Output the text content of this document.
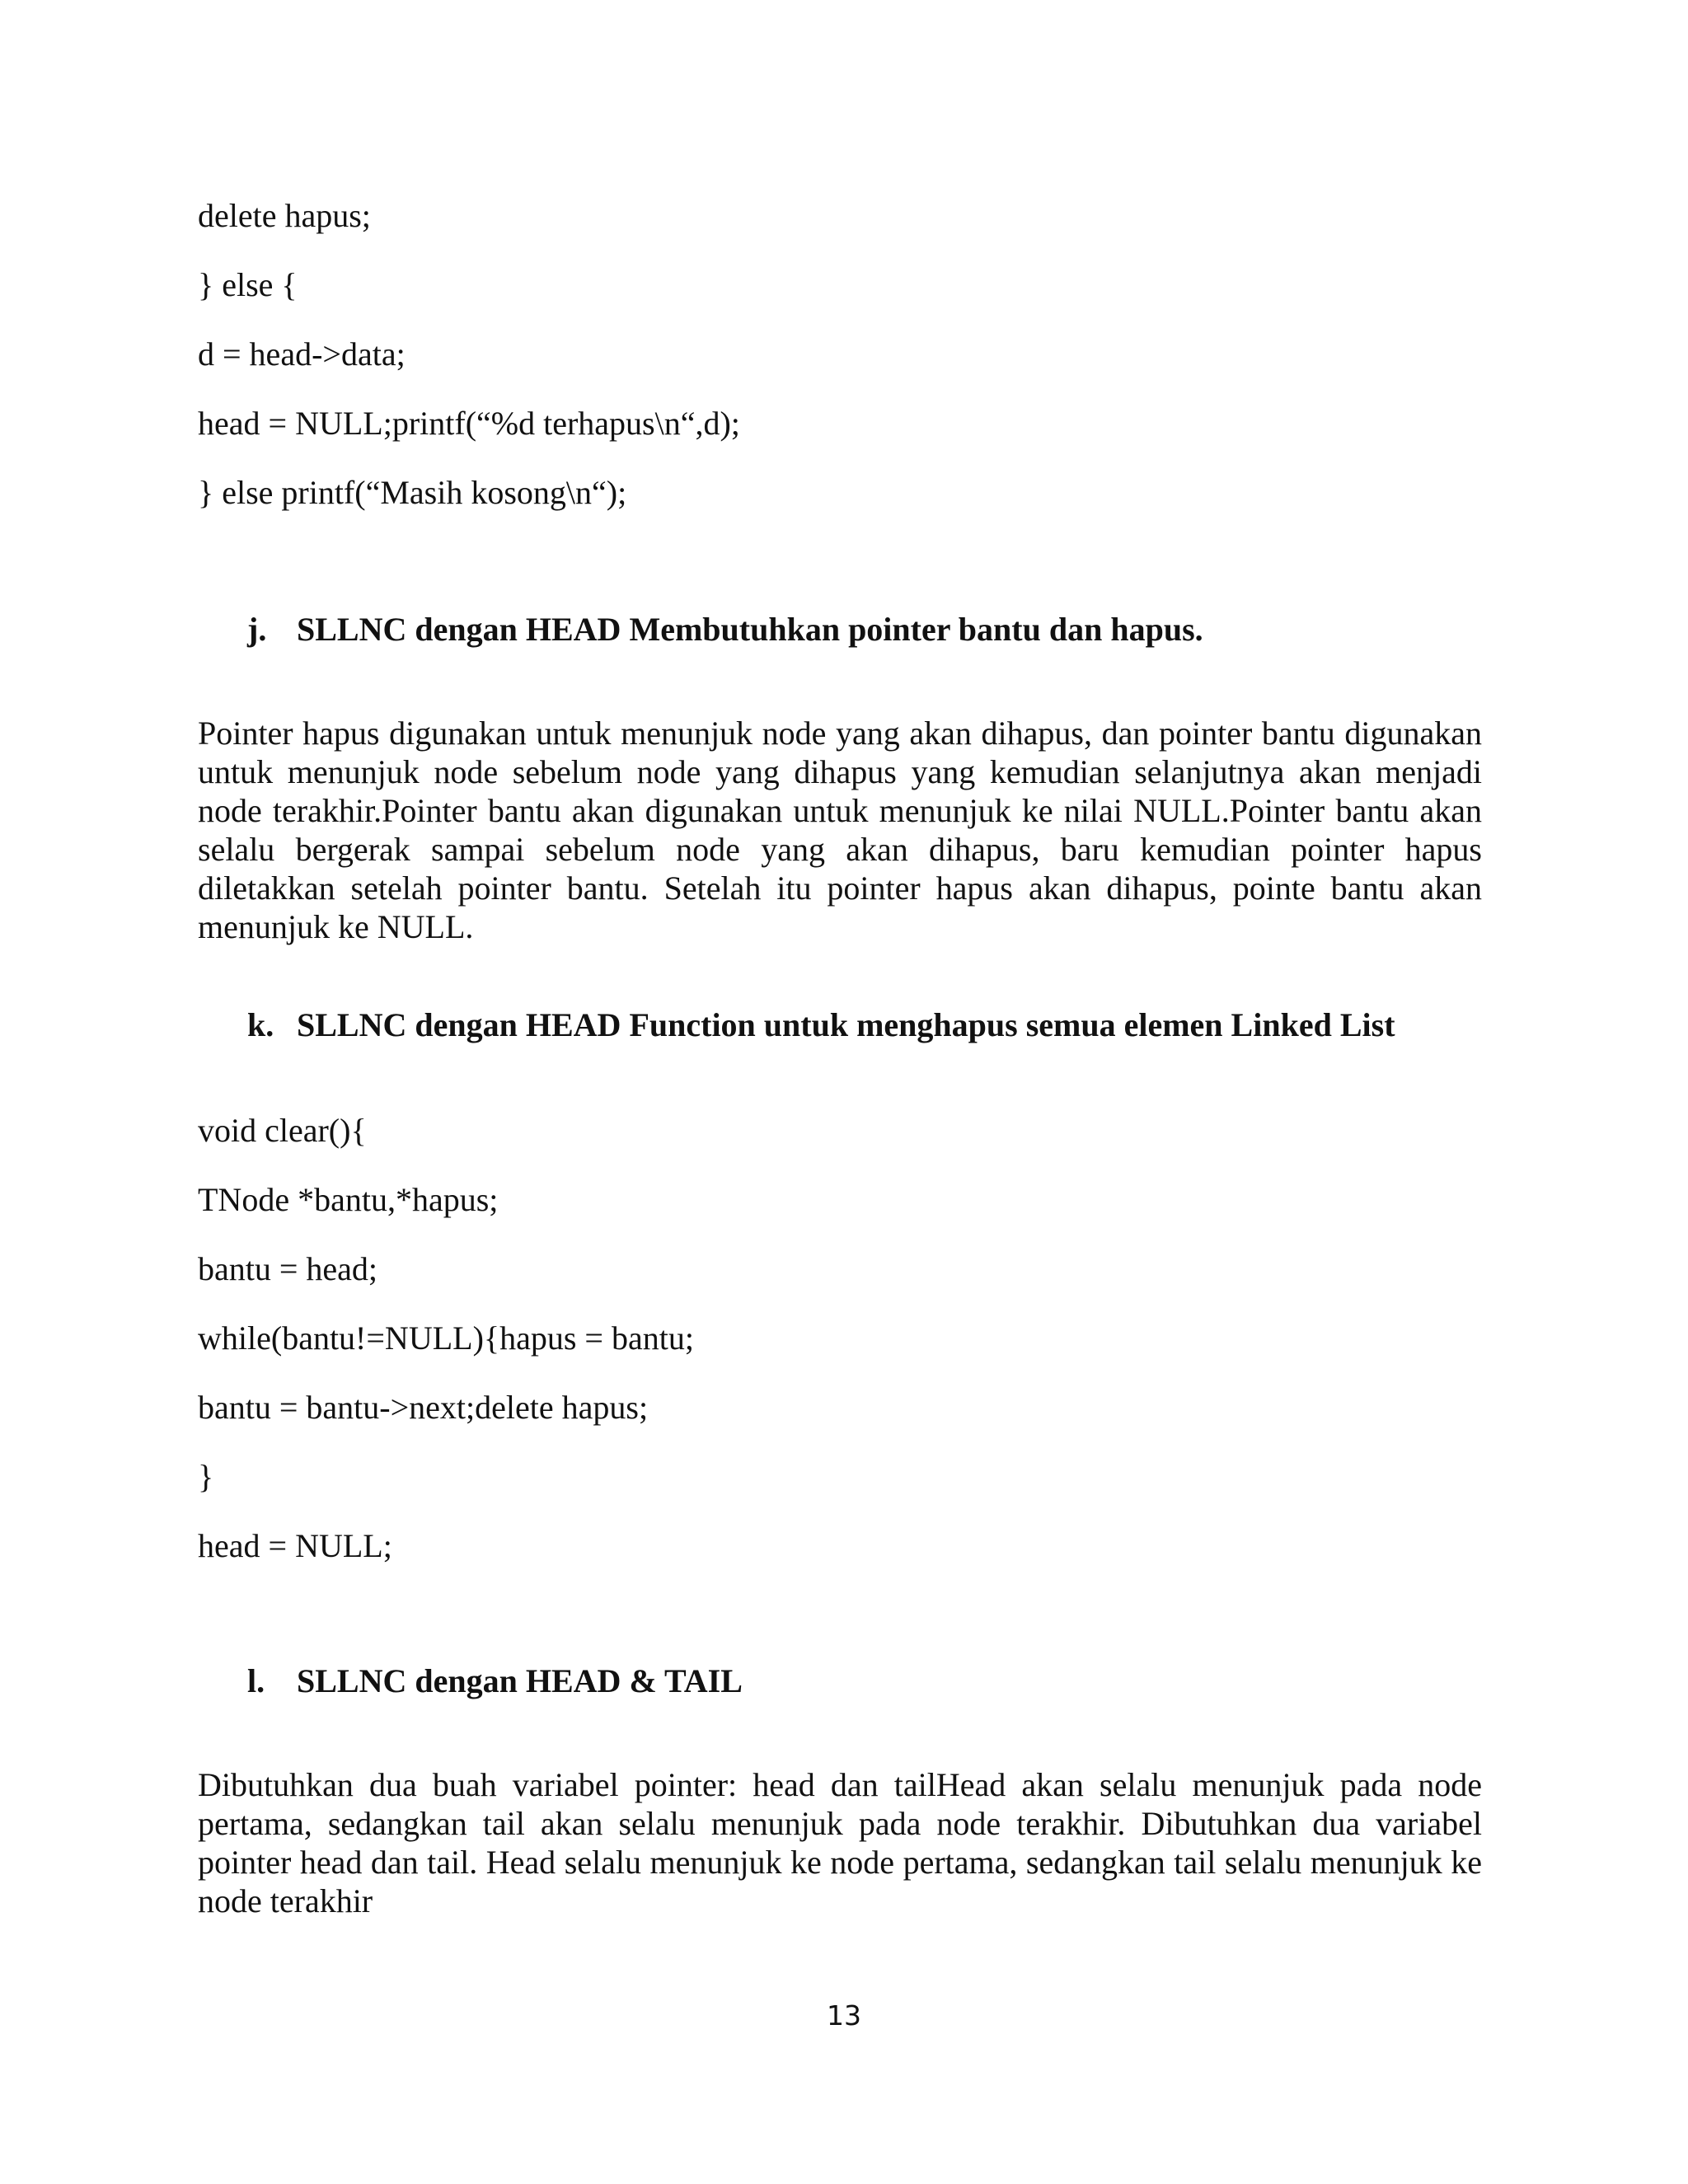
delete hapus;
} else {
d = head->data;
head = NULL;printf(“%d terhapus\n“,d);
} else printf(“Masih kosong\n“);
j. SLLNC dengan HEAD Membutuhkan pointer bantu dan hapus.

Pointer hapus digunakan untuk menunjuk node yang akan dihapus, dan pointer bantu digunakan untuk menunjuk node sebelum node yang dihapus yang kemudian selanjutnya akan menjadi node terakhir.Pointer bantu akan digunakan untuk menunjuk ke nilai NULL.Pointer bantu akan selalu bergerak sampai sebelum node yang akan dihapus, baru kemudian pointer hapus diletakkan setelah pointer bantu. Setelah itu pointer hapus akan dihapus, pointe bantu akan menunjuk ke NULL.

k. SLLNC dengan HEAD Function untuk menghapus semua elemen Linked List
void clear(){
TNode *bantu,*hapus;
bantu = head;
while(bantu!=NULL){hapus = bantu;
bantu = bantu->next;delete hapus;
}
head = NULL;
l. SLLNC dengan HEAD & TAIL

Dibutuhkan dua buah variabel pointer: head dan tailHead akan selalu menunjuk pada node pertama, sedangkan tail akan selalu menunjuk pada node terakhir. Dibutuhkan dua variabel pointer head dan tail. Head selalu menunjuk ke node pertama, sedangkan tail selalu menunjuk ke node terakhir

13
